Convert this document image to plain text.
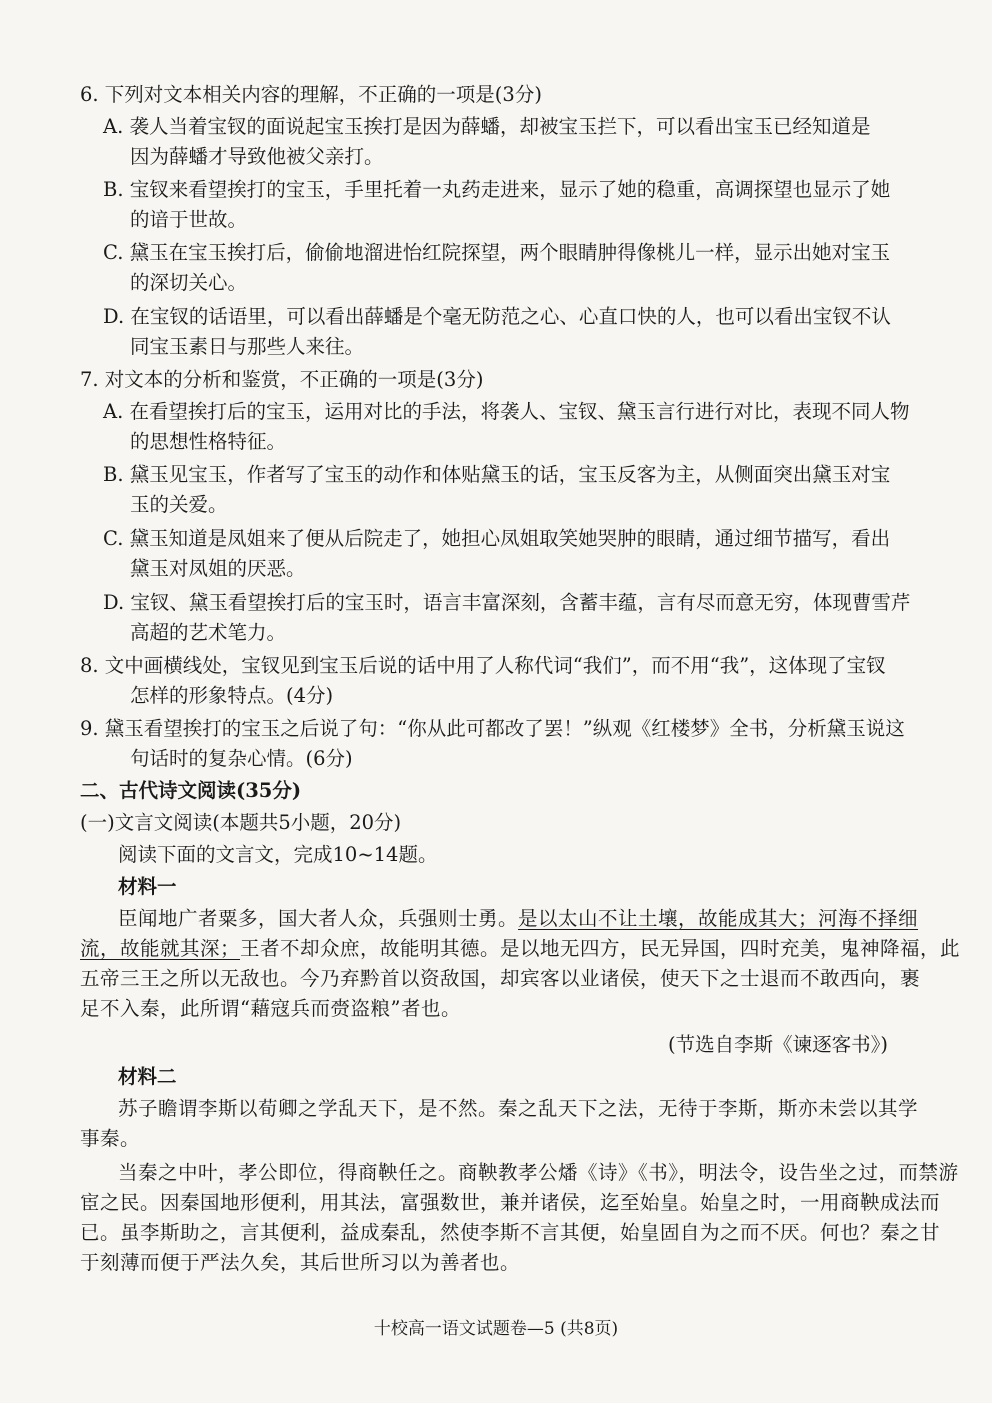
6. 下列对文本相关内容的理解，不正确的一项是(3分)
A. 袭人当着宝钗的面说起宝玉挨打是因为薛蟠，却被宝玉拦下，可以看出宝玉已经知道是
因为薛蟠才导致他被父亲打。
B. 宝钗来看望挨打的宝玉，手里托着一丸药走进来，显示了她的稳重，高调探望也显示了她
的谙于世故。
C. 黛玉在宝玉挨打后，偷偷地溜进怡红院探望，两个眼睛肿得像桃儿一样，显示出她对宝玉
的深切关心。
D. 在宝钗的话语里，可以看出薛蟠是个毫无防范之心、心直口快的人，也可以看出宝钗不认
同宝玉素日与那些人来往。
7. 对文本的分析和鉴赏，不正确的一项是(3分)
A. 在看望挨打后的宝玉，运用对比的手法，将袭人、宝钗、黛玉言行进行对比，表现不同人物
的思想性格特征。
B. 黛玉见宝玉，作者写了宝玉的动作和体贴黛玉的话，宝玉反客为主，从侧面突出黛玉对宝
玉的关爱。
C. 黛玉知道是凤姐来了便从后院走了，她担心凤姐取笑她哭肿的眼睛，通过细节描写，看出
黛玉对凤姐的厌恶。
D. 宝钗、黛玉看望挨打后的宝玉时，语言丰富深刻，含蓄丰蕴，言有尽而意无穷，体现曹雪芹
高超的艺术笔力。
8. 文中画横线处，宝钗见到宝玉后说的话中用了人称代词“我们”，而不用“我”，这体现了宝钗
怎样的形象特点。(4分)
9. 黛玉看望挨打的宝玉之后说了句：“你从此可都改了罢！”纵观《红楼梦》全书，分析黛玉说这
句话时的复杂心情。(6分)
二、古代诗文阅读(35分)
(一)文言文阅读(本题共5小题，20分)
阅读下面的文言文，完成10~14题。
材料一
臣闻地广者粟多，国大者人众，兵强则士勇。是以太山不让土壤，故能成其大；河海不择细
流，故能就其深；王者不却众庶，故能明其德。是以地无四方，民无异国，四时充美，鬼神降福，此
五帝三王之所以无敌也。今乃弃黔首以资敌国，却宾客以业诸侯，使天下之士退而不敢西向，裹
足不入秦，此所谓“藉寇兵而赍盗粮”者也。
(节选自李斯《谏逐客书》)
材料二
苏子瞻谓李斯以荀卿之学乱天下，是不然。秦之乱天下之法，无待于李斯，斯亦未尝以其学
事秦。
当秦之中叶，孝公即位，得商鞅任之。商鞅教孝公燔《诗》《书》，明法令，设告坐之过，而禁游
宦之民。因秦国地形便利，用其法，富强数世，兼并诸侯，迄至始皇。始皇之时，一用商鞅成法而
已。虽李斯助之，言其便利，益成秦乱，然使李斯不言其便，始皇固自为之而不厌。何也？秦之甘
于刻薄而便于严法久矣，其后世所习以为善者也。
十校高一语文试题卷—5 (共8页)
